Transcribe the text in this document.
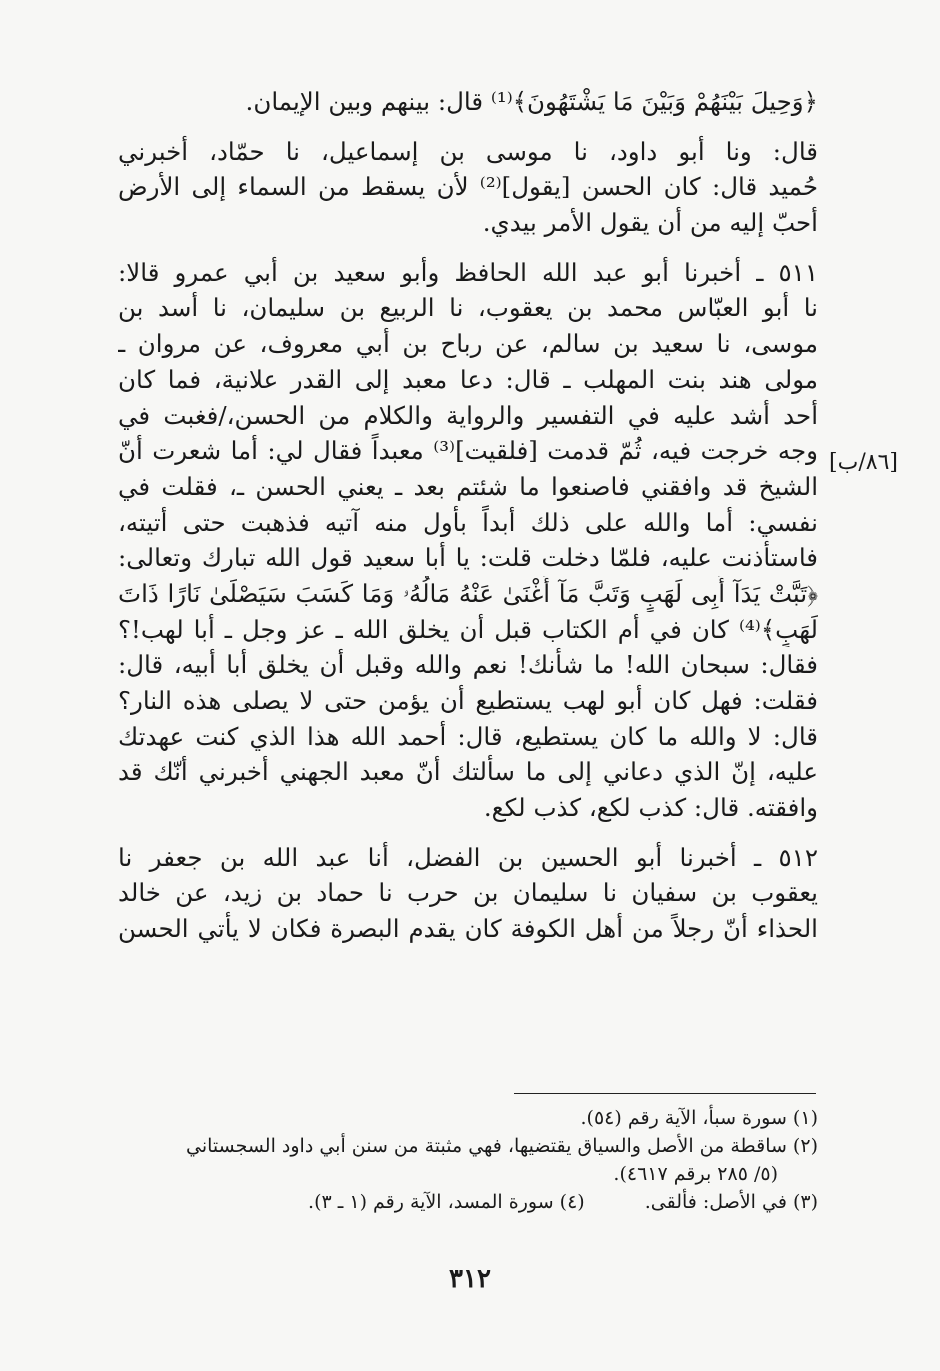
﴿وَحِيلَ بَيْنَهُمْ وَبَيْنَ مَا يَشْتَهُونَ﴾⁽¹⁾ قال: بينهم وبين الإيمان.
قال: ونا أبو داود، نا موسى بن إسماعيل، نا حمّاد، أخبرني
حُميد قال: كان الحسن [يقول]⁽²⁾ لأن يسقط من السماء إلى الأرض
أحبّ إليه من أن يقول الأمر بيدي.
٥١١ ـ أخبرنا أبو عبد الله الحافظ وأبو سعيد بن أبي عمرو قالا:
نا أبو العبّاس محمد بن يعقوب، نا الربيع بن سليمان، نا أسد بن
موسى، نا سعيد بن سالم، عن رباح بن أبي معروف، عن مروان ـ
مولى هند بنت المهلب ـ قال: دعا معبد إلى القدر علانية، فما كان
أحد أشد عليه في التفسير والرواية والكلام من الحسن،/فغبت في
وجه خرجت فيه، ثُمّ قدمت [فلقيت]⁽³⁾ معبداً فقال لي: أما شعرت أنّ
الشيخ قد وافقني فاصنعوا ما شئتم بعد ـ يعني الحسن ـ، فقلت في
نفسي: أما والله على ذلك أبداً بأول منه آتيه فذهبت حتى أتيته،
فاستأذنت عليه، فلمّا دخلت قلت: يا أبا سعيد قول الله تبارك وتعالى:
﴿تَبَّتْ يَدَآ أَبِى لَهَبٍ وَتَبَّ مَآ أَغْنَىٰ عَنْهُ مَالُهُۥ وَمَا كَسَبَ سَيَصْلَىٰ نَارًا ذَاتَ
لَهَبٍ﴾⁽⁴⁾ كان في أم الكتاب قبل أن يخلق الله ـ عز وجل ـ أبا لهب!؟
فقال: سبحان الله! ما شأنك! نعم والله وقبل أن يخلق أبا أبيه، قال:
فقلت: فهل كان أبو لهب يستطيع أن يؤمن حتى لا يصلى هذه النار؟
قال: لا والله ما كان يستطيع، قال: أحمد الله هذا الذي كنت عهدتك
عليه، إنّ الذي دعاني إلى ما سألتك أنّ معبد الجهني أخبرني أنّك قد
وافقته. قال: كذب لكع، كذب لكع.
٥١٢ ـ أخبرنا أبو الحسين بن الفضل، أنا عبد الله بن جعفر نا
يعقوب بن سفيان نا سليمان بن حرب نا حماد بن زيد، عن خالد
الحذاء أنّ رجلاً من أهل الكوفة كان يقدم البصرة فكان لا يأتي الحسن
[٨٦/ب]
(١) سورة سبأ، الآية رقم (٥٤).
(٢) ساقطة من الأصل والسياق يقتضيها، فهي مثبتة من سنن أبي داود السجستاني
(٥/ ٢٨٥ برقم ٤٦١٧).
(٣) في الأصل: فألقى.
(٤) سورة المسد، الآية رقم (١ ـ ٣).
٣١٢
